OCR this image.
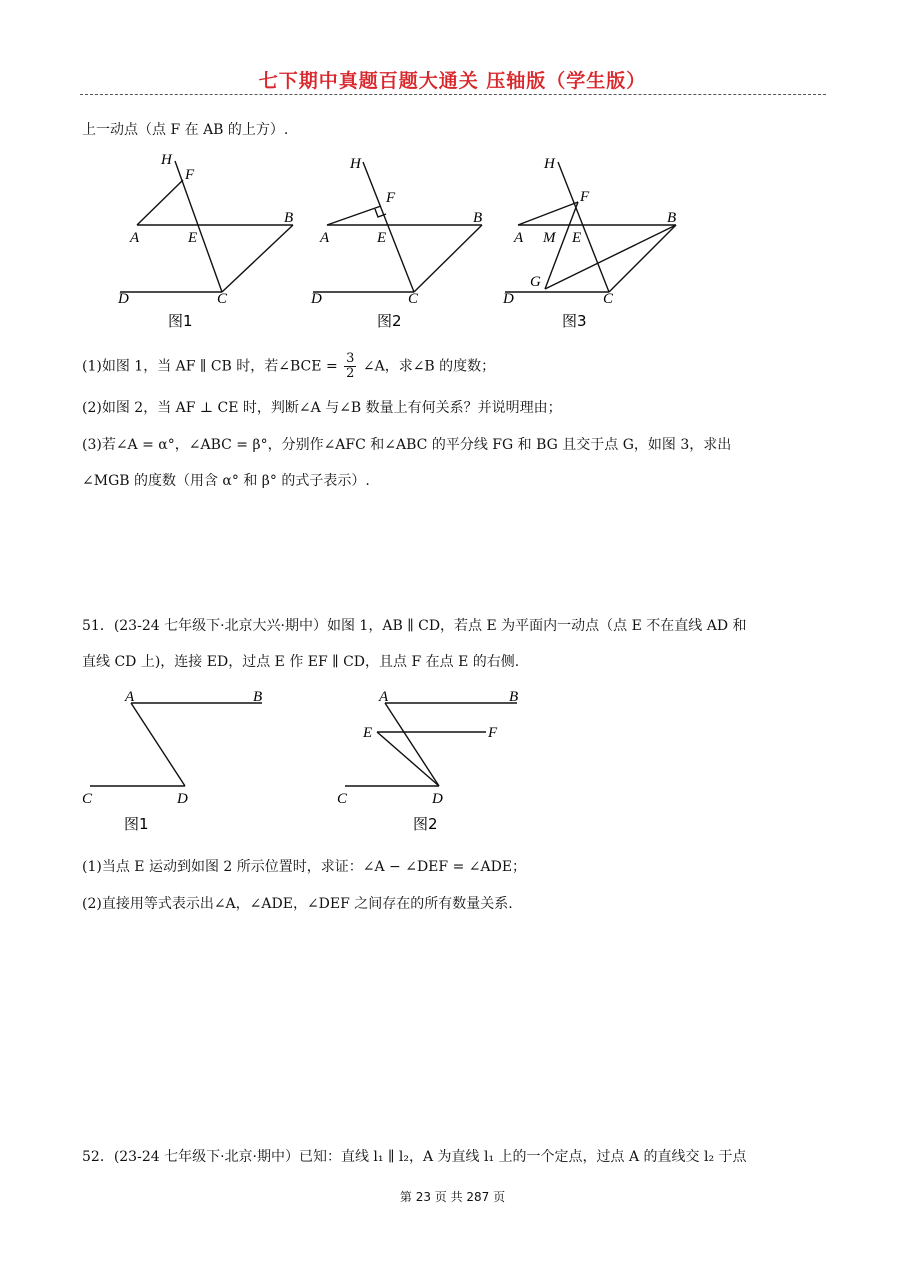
七下期中真题百题大通关 压轴版（学生版）
上一动点（点 F 在 AB 的上方）.
H
F
A	E
B
D	C
图1
H
F
A	E
B
D	C
图2
H
F
A M E
B
G
D	C
图3
(1)如图 1，当 AF ∥ CB 时，若∠BCE = $\frac{3}{2}$ ∠A，求∠B 的度数；
(2)如图 2，当 AF ⊥ CE 时，判断∠A 与∠B 数量上有何关系？并说明理由；
(3)若∠A = α°，∠ABC = β°，分别作∠AFC 和∠ABC 的平分线 FG 和 BG 且交于点 G，如图 3，求出
∠MGB 的度数（用含 α° 和 β° 的式子表示）.
51．(23-24 七年级下·北京大兴·期中）如图 1，AB ∥ CD，若点 E 为平面内一动点（点 E 不在直线 AD 和
直线 CD 上)，连接 ED，过点 E 作 EF ∥ CD，且点 F 在点 E 的右侧.
A	B
C	D
图1
A	B
E	F
C	D
图2
(1)当点 E 运动到如图 2 所示位置时，求证：∠A − ∠DEF = ∠ADE；
(2)直接用等式表示出∠A，∠ADE，∠DEF 之间存在的所有数量关系.
52．(23-24 七年级下·北京·期中）已知：直线 l₁ ∥ l₂，A 为直线 l₁ 上的一个定点，过点 A 的直线交 l₂ 于点
第 23 页 共 287 页
